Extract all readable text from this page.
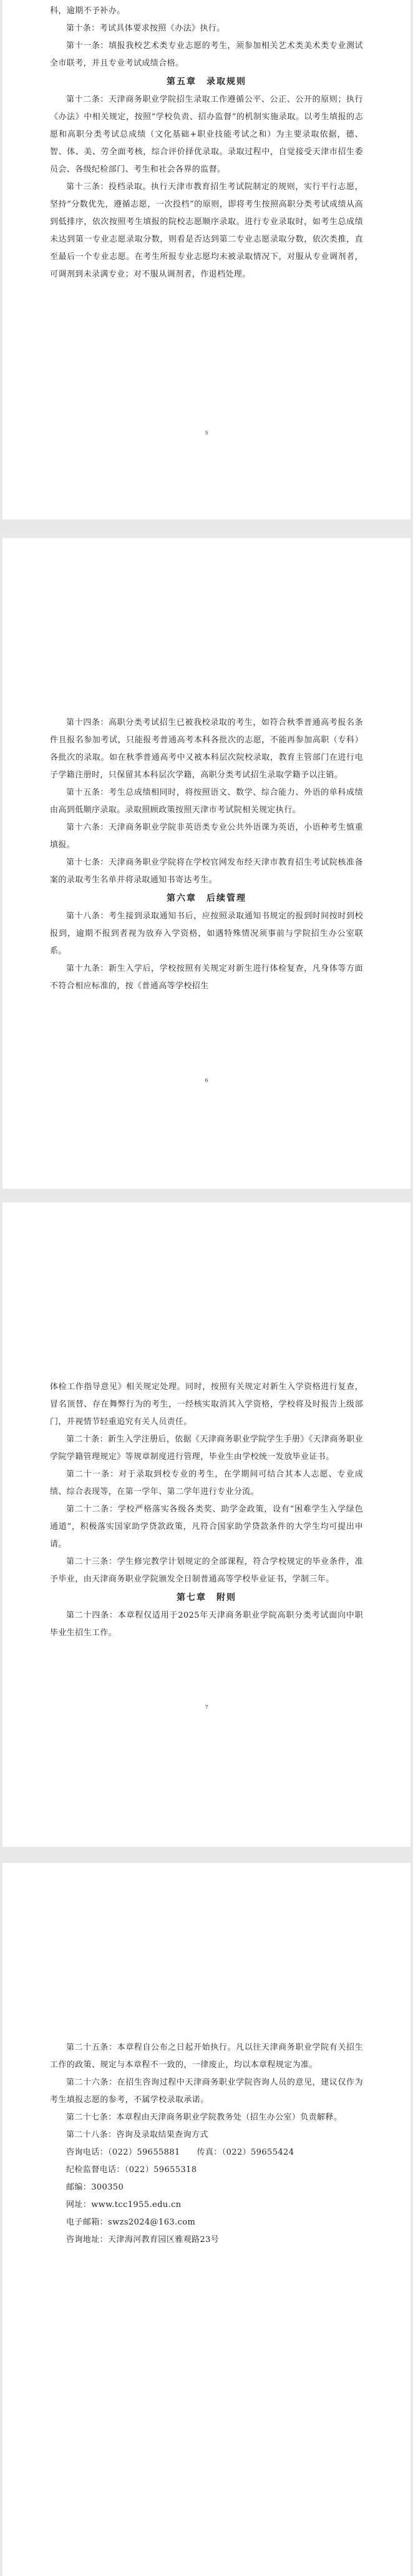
科，逾期不予补办。

第十条：考试具体要求按照《办法》执行。

第十一条：填报我校艺术类专业志愿的考生，须参加相关艺术类美术类专业测试全市联考，并且专业考试成绩合格。

第五章　录取规则

第十二条：天津商务职业学院招生录取工作遵循公平、公正、公开的原则；执行《办法》中相关规定，按照“学校负责、招办监督”的机制实施录取。以考生填报的志愿和高职分类考试总成绩（文化基础+职业技能考试之和）为主要录取依据，德、智、体、美、劳全面考核，综合评价择优录取。录取过程中，自觉接受天津市招生委员会、各级纪检部门、考生和社会各界的监督。

第十三条：投档录取。执行天津市教育招生考试院制定的规则，实行平行志愿，坚持“分数优先，遵循志愿，一次投档”的原则，即将考生按照高职分类考试成绩从高到低排序，依次按照考生填报的院校志愿顺序录取。进行专业录取时，如考生总成绩未达到第一专业志愿录取分数，则看是否达到第二专业志愿录取分数，依次类推，直至最后一个专业志愿。在考生所报专业志愿均未被录取情况下，对服从专业调剂者，可调剂到未录满专业；对不服从调剂者，作退档处理。

5

第十四条：高职分类考试招生已被我校录取的考生，如符合秋季普通高考报名条件且报名参加考试，只能报考普通高考本科各批次的志愿，不能再参加高职（专科）各批次的录取。如在秋季普通高考中又被本科层次院校录取，教育主管部门在进行电子学籍注册时，只保留其本科层次学籍，高职分类考试招生录取学籍予以注销。

第十五条：考生总成绩相同时，将按照语文、数学、综合能力、外语的单科成绩由高到低顺序录取。录取照顾政策按照天津市考试院相关规定执行。

第十六条：天津商务职业学院非英语类专业公共外语课为英语，小语种考生慎重填报。

第十七条：天津商务职业学院将在学校官网发布经天津市教育招生考试院核准备案的录取考生名单并将录取通知书寄达考生。

第六章　后续管理

第十八条：考生接到录取通知书后，应按照录取通知书规定的报到时间按时到校报到，逾期不报到者视为放弃入学资格，如遇特殊情况须事前与学院招生办公室联系。

第十九条：新生入学后，学校按照有关规定对新生进行体检复查，凡身体等方面不符合相应标准的，按《普通高等学校招生

6

体检工作指导意见》相关规定处理。同时，按照有关规定对新生入学资格进行复查，冒名顶替、存在舞弊行为的考生，一经核实取消其入学资格，学校将及时报告上级部门，并视情节轻重追究有关人员责任。

第二十条：新生入学注册后，依据《天津商务职业学院学生手册》《天津商务职业学院学籍管理规定》等规章制度进行管理，毕业生由学校统一发放毕业证书。

第二十一条：对于录取到校专业的考生，在学期间可结合其本人志愿、专业成绩、综合表现等，在第一学年、第二学年进行专业分流。

第二十二条：学校严格落实各级各类奖、助学金政策，设有“困难学生入学绿色通道”，积极落实国家助学贷款政策，凡符合国家助学贷款条件的大学生均可提出申请。

第二十三条：学生修完教学计划规定的全部课程，符合学校规定的毕业条件，准予毕业，由天津商务职业学院颁发全日制普通高等学校毕业证书，学制三年。

第七章　附则

第二十四条：本章程仅适用于2025年天津商务职业学院高职分类考试面向中职毕业生招生工作。

7

第二十五条：本章程自公布之日起开始执行。凡以往天津商务职业学院有关招生工作的政策、规定与本章程不一致的，一律废止，均以本章程规定为准。

第二十六条：在招生咨询过程中天津商务职业学院咨询人员的意见，建议仅作为考生填报志愿的参考，不属学校录取承诺。

第二十七条：本章程由天津商务职业学院教务处（招生办公室）负责解释。

第二十八条：咨询及录取结果查询方式

咨询电话：（022）59655881　　传真：（022）59655424

纪检监督电话：（022）59655318

邮编：300350

网址：www.tcc1955.edu.cn

电子邮箱：swzs2024@163.com

咨询地址：天津海河教育园区雅观路23号
